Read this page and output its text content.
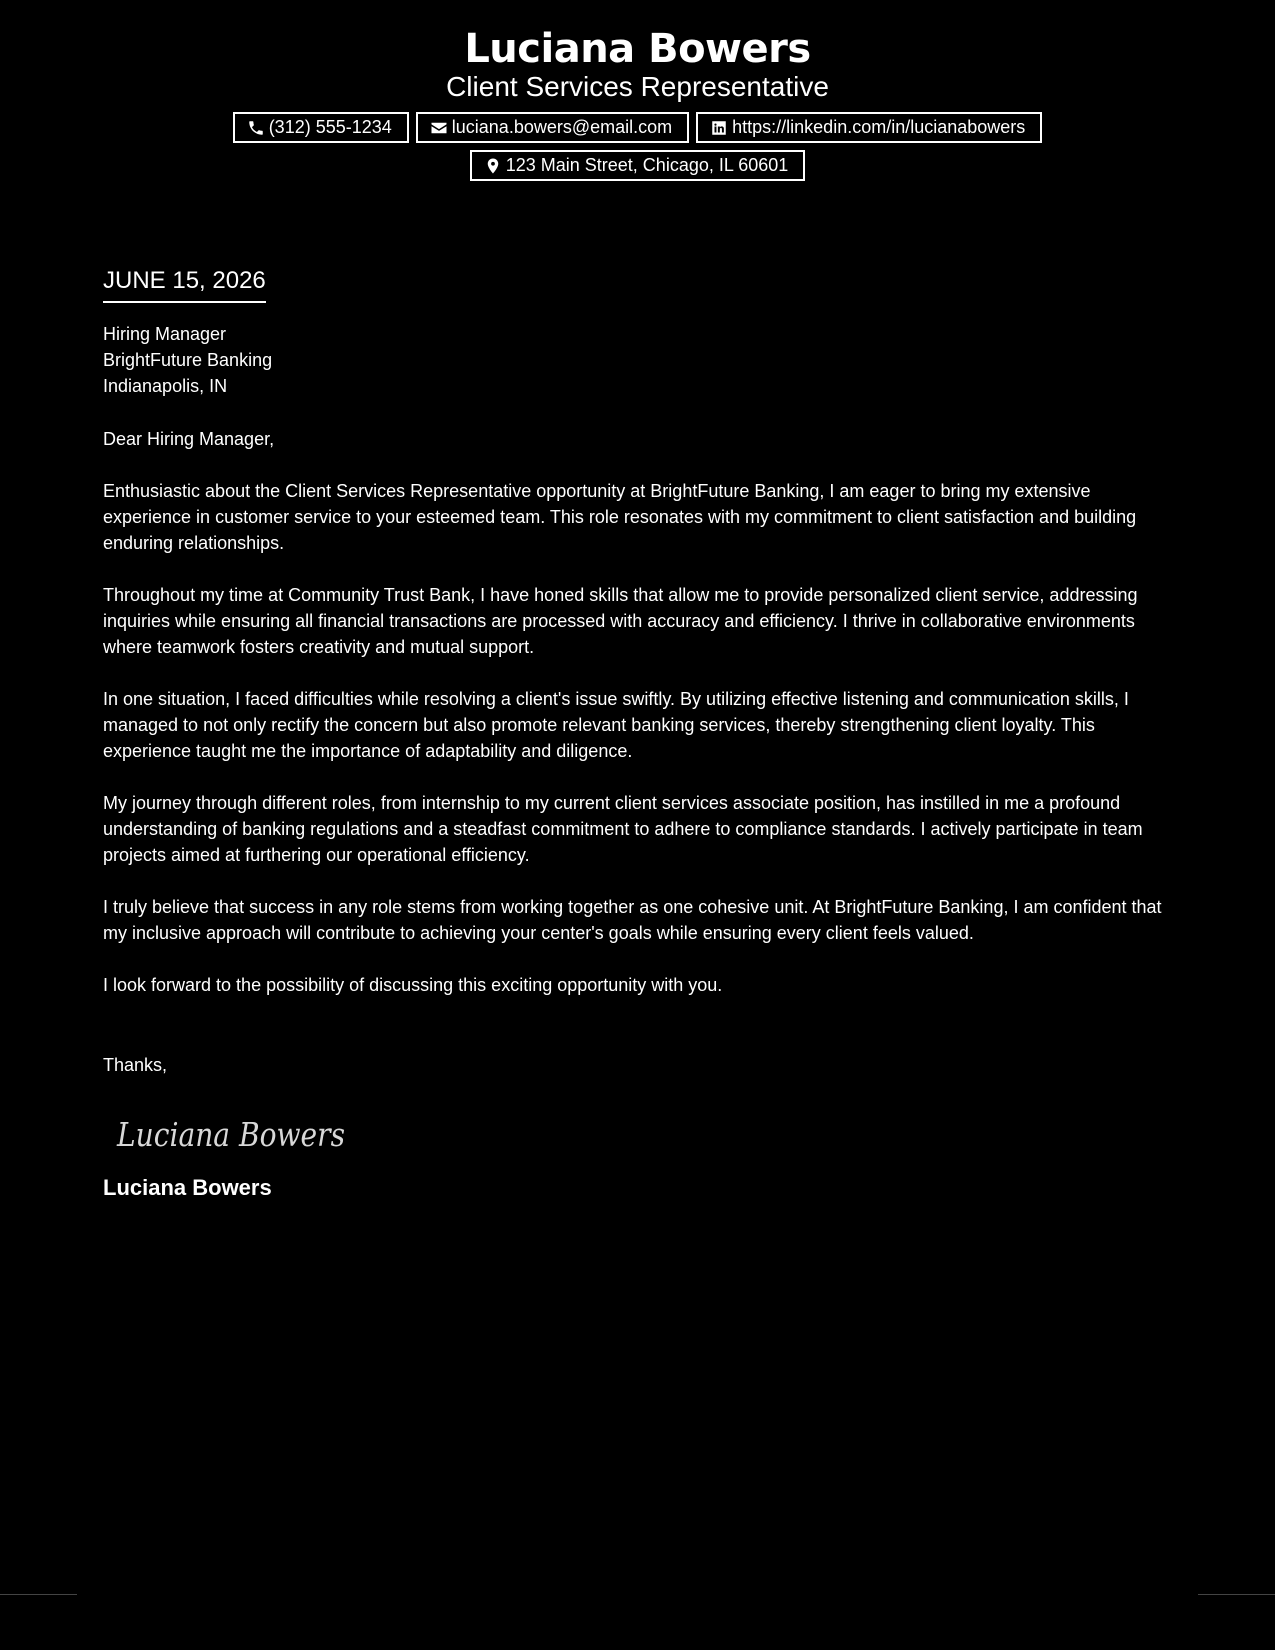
Luciana Bowers
Client Services Representative
(312) 555-1234	luciana.bowers@email.com	https://linkedin.com/in/lucianabowers
123 Main Street, Chicago, IL 60601
JUNE 15, 2026
Hiring Manager
BrightFuture Banking
Indianapolis, IN
Dear Hiring Manager,

Enthusiastic about the Client Services Representative opportunity at BrightFuture Banking, I am eager to bring my extensive experience in customer service to your esteemed team. This role resonates with my commitment to client satisfaction and building enduring relationships.

Throughout my time at Community Trust Bank, I have honed skills that allow me to provide personalized client service, addressing inquiries while ensuring all financial transactions are processed with accuracy and efficiency. I thrive in collaborative environments where teamwork fosters creativity and mutual support.

In one situation, I faced difficulties while resolving a client's issue swiftly. By utilizing effective listening and communication skills, I managed to not only rectify the concern but also promote relevant banking services, thereby strengthening client loyalty. This experience taught me the importance of adaptability and diligence.

My journey through different roles, from internship to my current client services associate position, has instilled in me a profound understanding of banking regulations and a steadfast commitment to adhere to compliance standards. I actively participate in team projects aimed at furthering our operational efficiency.

I truly believe that success in any role stems from working together as one cohesive unit. At BrightFuture Banking, I am confident that my inclusive approach will contribute to achieving your center's goals while ensuring every client feels valued.

I look forward to the possibility of discussing this exciting opportunity with you.

Thanks,
Luciana Bowers
Luciana Bowers
